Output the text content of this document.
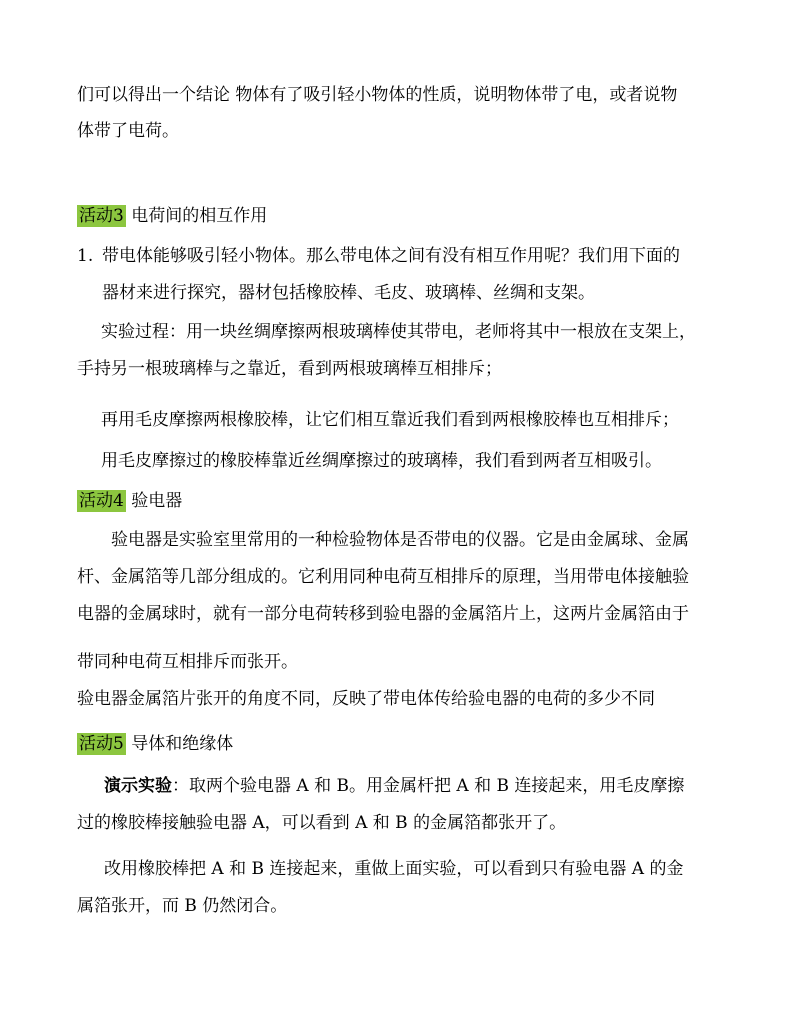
们可以得出一个结论 物体有了吸引轻小物体的性质，说明物体带了电，或者说物
体带了电荷。
活动3 电荷间的相互作用
1. 带电体能够吸引轻小物体。那么带电体之间有没有相互作用呢？我们用下面的
器材来进行探究，器材包括橡胶棒、毛皮、玻璃棒、丝绸和支架。
实验过程：用一块丝绸摩擦两根玻璃棒使其带电，老师将其中一根放在支架上，
手持另一根玻璃棒与之靠近，看到两根玻璃棒互相排斥；
再用毛皮摩擦两根橡胶棒，让它们相互靠近我们看到两根橡胶棒也互相排斥；
用毛皮摩擦过的橡胶棒靠近丝绸摩擦过的玻璃棒，我们看到两者互相吸引。
活动4 验电器
验电器是实验室里常用的一种检验物体是否带电的仪器。它是由金属球、金属
杆、金属箔等几部分组成的。它利用同种电荷互相排斥的原理，当用带电体接触验
电器的金属球时，就有一部分电荷转移到验电器的金属箔片上，这两片金属箔由于
带同种电荷互相排斥而张开。
验电器金属箔片张开的角度不同，反映了带电体传给验电器的电荷的多少不同
活动5 导体和绝缘体
演示实验：取两个验电器 A 和 B。用金属杆把 A 和 B 连接起来，用毛皮摩擦
过的橡胶棒接触验电器 A，可以看到 A 和 B 的金属箔都张开了。
改用橡胶棒把 A 和 B 连接起来，重做上面实验，可以看到只有验电器 A 的金
属箔张开，而 B 仍然闭合。
